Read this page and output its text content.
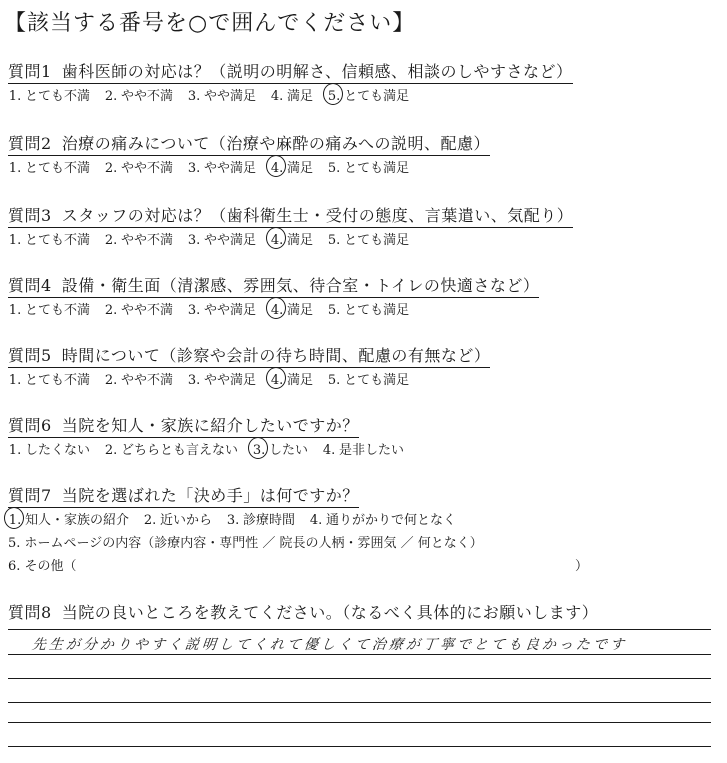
【該当する番号を○で囲んでください】
質問1 歯科医師の対応は？（説明の明解さ、信頼感、相談のしやすさなど）
1. とても不満 2. やや不満 3. やや満足 4. 満足 5. とても満足
質問2 治療の痛みについて（治療や麻酔の痛みへの説明、配慮）
1. とても不満 2. やや不満 3. やや満足 4. 満足 5. とても満足
質問3 スタッフの対応は？（歯科衛生士・受付の態度、言葉遣い、気配り）
1. とても不満 2. やや不満 3. やや満足 4. 満足 5. とても満足
質問4 設備・衛生面（清潔感、雰囲気、待合室・トイレの快適さなど）
1. とても不満 2. やや不満 3. やや満足 4. 満足 5. とても満足
質問5 時間について（診察や会計の待ち時間、配慮の有無など）
1. とても不満 2. やや不満 3. やや満足 4. 満足 5. とても満足
質問6 当院を知人・家族に紹介したいですか？
1. したくない 2. どちらとも言えない 3. したい 4. 是非したい
質問7 当院を選ばれた「決め手」は何ですか？
1. 知人・家族の紹介 2. 近いから 3. 診療時間 4. 通りがかりで何となく
5. ホームページの内容（診療内容・専門性 ／ 院長の人柄・雰囲気 ／ 何となく）
6. その他（	）
質問8 当院の良いところを教えてください。（なるべく具体的にお願いします）
先生が分かりやすく説明してくれて優しくて治療が丁寧でとても良かったです
